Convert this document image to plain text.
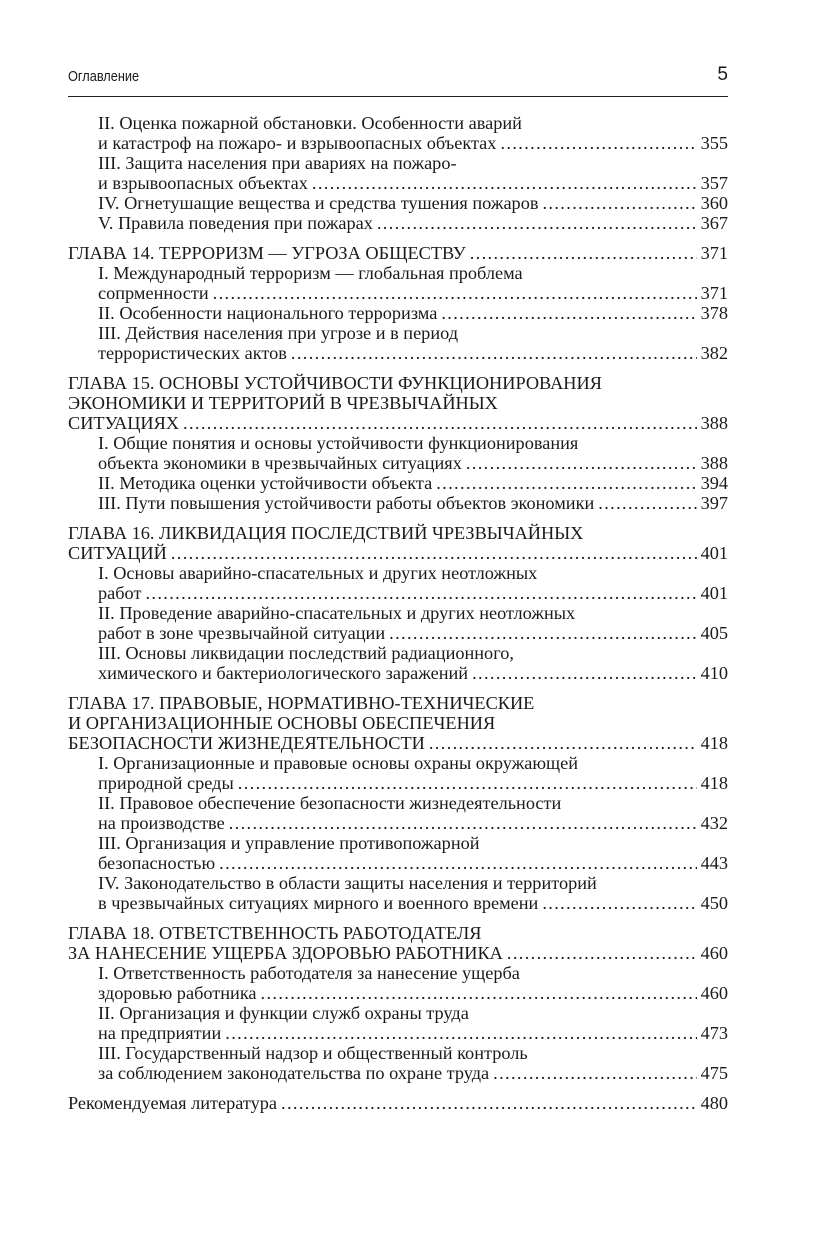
Оглавление	5
II. Оценка пожарной обстановки. Особенности аварий
и катастроф на пожаро- и взрывоопасных объектах . . .	355
III. Защита населения при авариях на пожаро-
и взрывоопасных объектах . . .	357
IV. Огнетушащие вещества и средства тушения пожаров . . .	360
V. Правила поведения при пожарах . . .	367
ГЛАВА 14. ТЕРРОРИЗМ — УГРОЗА ОБЩЕСТВУ . . .	371
I. Международный терроризм — глобальная проблема
сопрменности . . .	371
II. Особенности национального терроризма . . .	378
III. Действия населения при угрозе и в период
террористических актов . . .	382
ГЛАВА 15. ОСНОВЫ УСТОЙЧИВОСТИ ФУНКЦИОНИРОВАНИЯ
ЭКОНОМИКИ И ТЕРРИТОРИЙ В ЧРЕЗВЫЧАЙНЫХ
СИТУАЦИЯХ . . .	388
I. Общие понятия и основы устойчивости функционирования
объекта экономики в чрезвычайных ситуациях . . .	388
II. Методика оценки устойчивости объекта . . .	394
III. Пути повышения устойчивости работы объектов экономики . . .	397
ГЛАВА 16. ЛИКВИДАЦИЯ ПОСЛЕДСТВИЙ ЧРЕЗВЫЧАЙНЫХ
СИТУАЦИЙ . . .	401
I. Основы аварийно-спасательных и других неотложных
работ . . .	401
II. Проведение аварийно-спасательных и других неотложных
работ в зоне чрезвычайной ситуации . . .	405
III. Основы ликвидации последствий радиационного,
химического и бактериологического заражений . . .	410
ГЛАВА 17. ПРАВОВЫЕ, НОРМАТИВНО-ТЕХНИЧЕСКИЕ
И ОРГАНИЗАЦИОННЫЕ ОСНОВЫ ОБЕСПЕЧЕНИЯ
БЕЗОПАСНОСТИ ЖИЗНЕДЕЯТЕЛЬНОСТИ . . .	418
I. Организационные и правовые основы охраны окружающей
природной среды . . .	418
II. Правовое обеспечение безопасности жизнедеятельности
на производстве . . .	432
III. Организация и управление противопожарной
безопасностью . . .	443
IV. Законодательство в области защиты населения и территорий
в чрезвычайных ситуациях мирного и военного времени . . .	450
ГЛАВА 18. ОТВЕТСТВЕННОСТЬ РАБОТОДАТЕЛЯ
ЗА НАНЕСЕНИЕ УЩЕРБА ЗДОРОВЬЮ РАБОТНИКА . . .	460
I. Ответственность работодателя за нанесение ущерба
здоровью работника . . .	460
II. Организация и функции служб охраны труда
на предприятии . . .	473
III. Государственный надзор и общественный контроль
за соблюдением законодательства по охране труда . . .	475
Рекомендуемая литература . . .	480
